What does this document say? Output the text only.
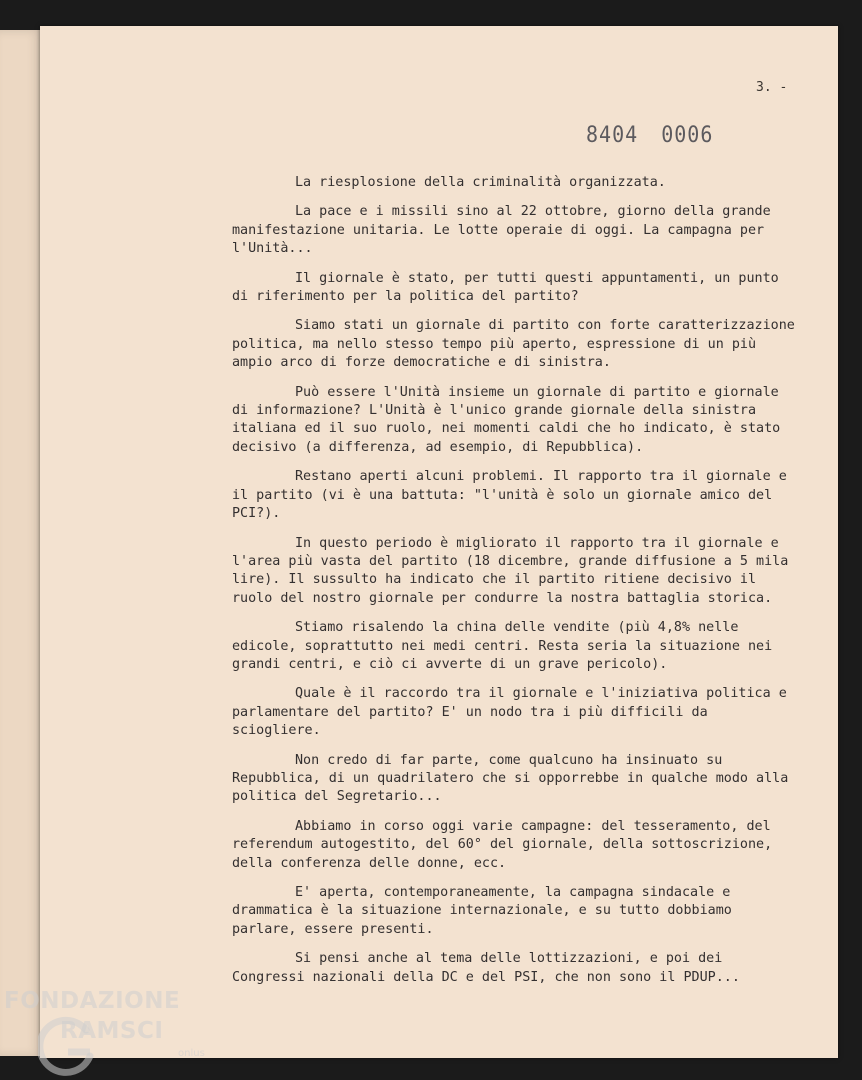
3. -
8404 0006

La riesplosione della criminalità organizzata.

La pace e i missili sino al 22 ottobre, giorno della grande manifestazione unitaria. Le lotte operaie di oggi. La campagna per l'Unità...

Il giornale è stato, per tutti questi appuntamenti, un punto di riferimento per la politica del partito?

Siamo stati un giornale di partito con forte caratterizzazione politica, ma nello stesso tempo più aperto, espressione di un più ampio arco di forze democratiche e di sinistra.

Può essere l'Unità insieme un giornale di partito e giornale di informazione? L'Unità è l'unico grande giornale della sinistra italiana ed il suo ruolo, nei momenti caldi che ho indicato, è stato decisivo (a differenza, ad esempio, di Repubblica).

Restano aperti alcuni problemi. Il rapporto tra il giornale e il partito (vi è una battuta: "l'unità è solo un giornale amico del PCI?).

In questo periodo è migliorato il rapporto tra il giornale e l'area più vasta del partito (18 dicembre, grande diffusione a 5 mila lire). Il sussulto ha indicato che il partito ritiene decisivo il ruolo del nostro giornale per condurre la nostra battaglia storica.

Stiamo risalendo la china delle vendite (più 4,8% nelle edicole, soprattutto nei medi centri. Resta seria la situazione nei grandi centri, e ciò ci avverte di un grave pericolo).

Quale è il raccordo tra il giornale e l'iniziativa politica e parlamentare del partito? E' un nodo tra i più difficili da sciogliere.

Non credo di far parte, come qualcuno ha insinuato su Repubblica, di un quadrilatero che si opporrebbe in qualche modo alla politica del Segretario...

Abbiamo in corso oggi varie campagne: del tesseramento, del referendum autogestito, del 60° del giornale, della sottoscrizione, della conferenza delle donne, ecc.

E' aperta, contemporaneamente, la campagna sindacale e drammatica è la situazione internazionale, e su tutto dobbiamo parlare, essere presenti.

Si pensi anche al tema delle lottizzazioni, e poi dei Congressi nazionali della DC e del PSI, che non sono il PDUP...

FONDAZIONE
RAMSCI
onlus
